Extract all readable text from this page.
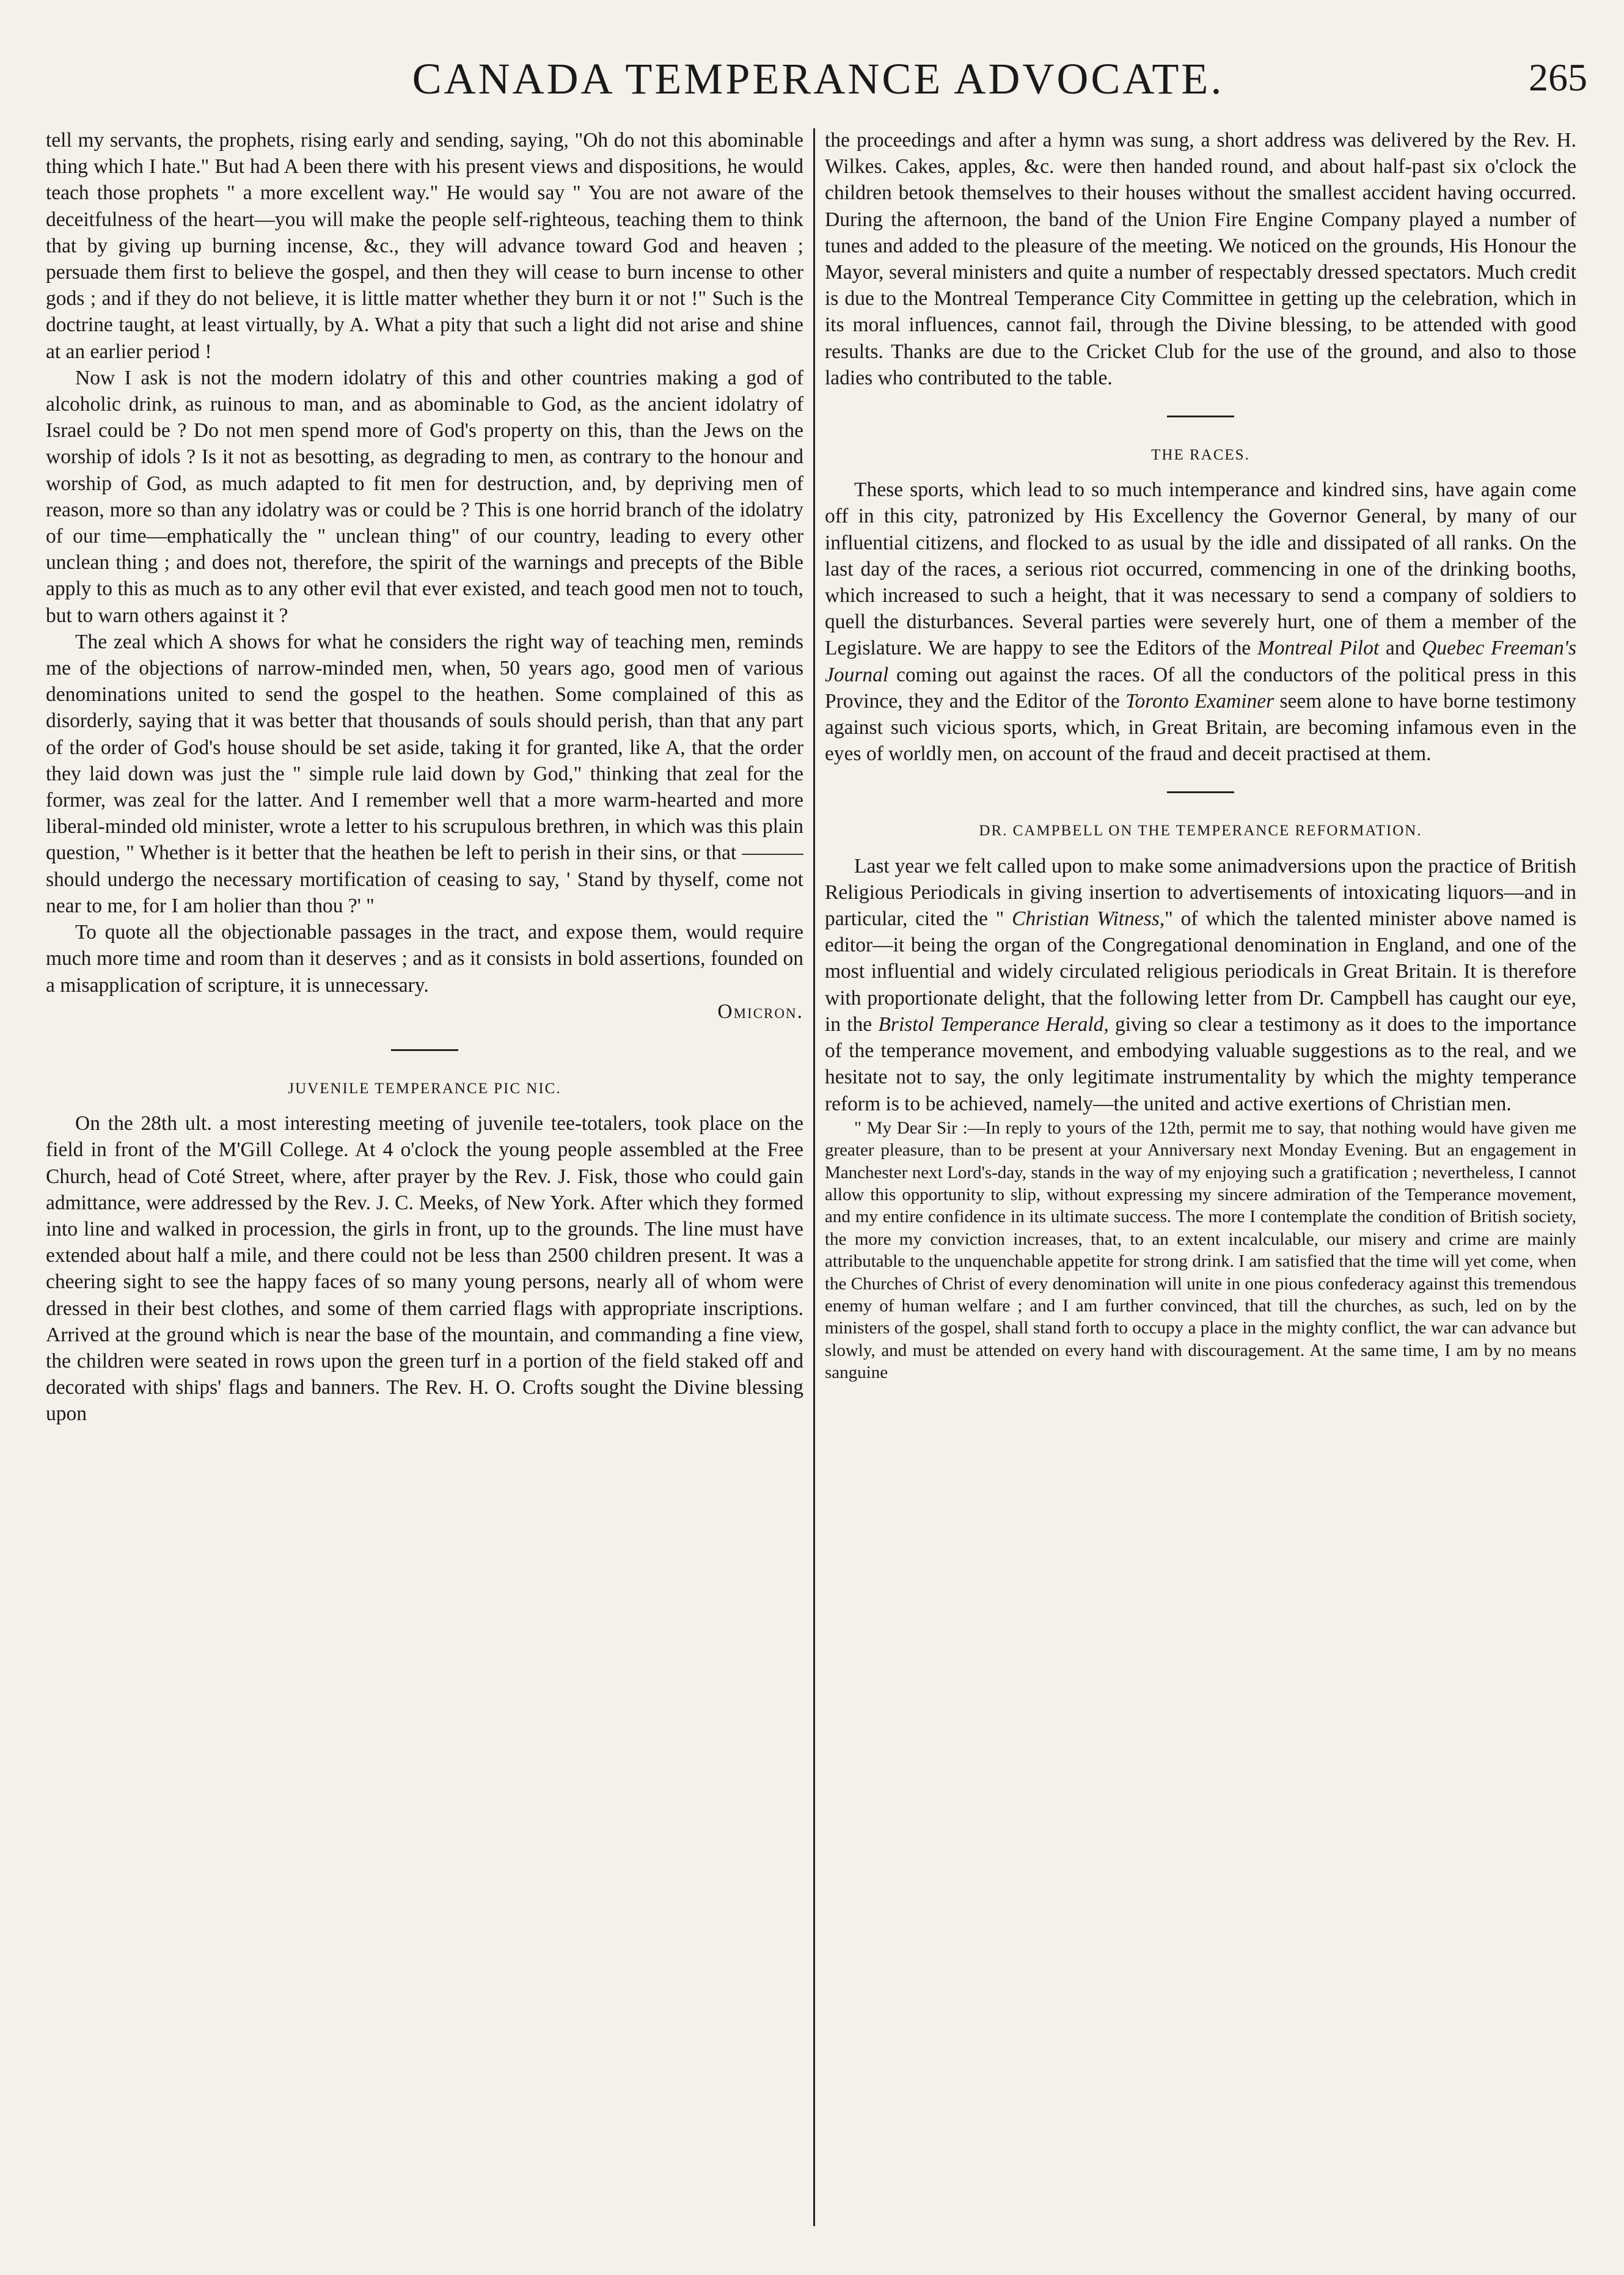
CANADA TEMPERANCE ADVOCATE.	265

tell my servants, the prophets, rising early and sending, saying, "Oh do not this abominable thing which I hate." But had A been there with his present views and dispositions, he would teach those prophets " a more excellent way." He would say " You are not aware of the deceitfulness of the heart—you will make the people self-righteous, teaching them to think that by giving up burning incense, &c., they will advance toward God and heaven ; persuade them first to believe the gospel, and then they will cease to burn incense to other gods ; and if they do not believe, it is little matter whether they burn it or not !" Such is the doctrine taught, at least virtually, by A. What a pity that such a light did not arise and shine at an earlier period !

Now I ask is not the modern idolatry of this and other countries making a god of alcoholic drink, as ruinous to man, and as abominable to God, as the ancient idolatry of Israel could be ? Do not men spend more of God's property on this, than the Jews on the worship of idols ? Is it not as besotting, as degrading to men, as contrary to the honour and worship of God, as much adapted to fit men for destruction, and, by depriving men of reason, more so than any idolatry was or could be ? This is one horrid branch of the idolatry of our time—emphatically the " unclean thing" of our country, leading to every other unclean thing ; and does not, therefore, the spirit of the warnings and precepts of the Bible apply to this as much as to any other evil that ever existed, and teach good men not to touch, but to warn others against it ?

The zeal which A shows for what he considers the right way of teaching men, reminds me of the objections of narrow-minded men, when, 50 years ago, good men of various denominations united to send the gospel to the heathen. Some complained of this as disorderly, saying that it was better that thousands of souls should perish, than that any part of the order of God's house should be set aside, taking it for granted, like A, that the order they laid down was just the " simple rule laid down by God," thinking that zeal for the former, was zeal for the latter. And I remember well that a more warm-hearted and more liberal-minded old minister, wrote a letter to his scrupulous brethren, in which was this plain question, " Whether is it better that the heathen be left to perish in their sins, or that ——— should undergo the necessary mortification of ceasing to say, ' Stand by thyself, come not near to me, for I am holier than thou ?' "

To quote all the objectionable passages in the tract, and expose them, would require much more time and room than it deserves ; and as it consists in bold assertions, founded on a misapplication of scripture, it is unnecessary.

Omicron.
JUVENILE TEMPERANCE PIC NIC.

On the 28th ult. a most interesting meeting of juvenile tee-totalers, took place on the field in front of the M'Gill College. At 4 o'clock the young people assembled at the Free Church, head of Coté Street, where, after prayer by the Rev. J. Fisk, those who could gain admittance, were addressed by the Rev. J. C. Meeks, of New York. After which they formed into line and walked in procession, the girls in front, up to the grounds. The line must have extended about half a mile, and there could not be less than 2500 children present. It was a cheering sight to see the happy faces of so many young persons, nearly all of whom were dressed in their best clothes, and some of them carried flags with appropriate inscriptions. Arrived at the ground which is near the base of the mountain, and commanding a fine view, the children were seated in rows upon the green turf in a portion of the field staked off and decorated with ships' flags and banners. The Rev. H. O. Crofts sought the Divine blessing upon

the proceedings and after a hymn was sung, a short address was delivered by the Rev. H. Wilkes. Cakes, apples, &c. were then handed round, and about half-past six o'clock the children betook themselves to their houses without the smallest accident having occurred. During the afternoon, the band of the Union Fire Engine Company played a number of tunes and added to the pleasure of the meeting. We noticed on the grounds, His Honour the Mayor, several ministers and quite a number of respectably dressed spectators. Much credit is due to the Montreal Temperance City Committee in getting up the celebration, which in its moral influences, cannot fail, through the Divine blessing, to be attended with good results. Thanks are due to the Cricket Club for the use of the ground, and also to those ladies who contributed to the table.

THE RACES.

These sports, which lead to so much intemperance and kindred sins, have again come off in this city, patronized by His Excellency the Governor General, by many of our influential citizens, and flocked to as usual by the idle and dissipated of all ranks. On the last day of the races, a serious riot occurred, commencing in one of the drinking booths, which increased to such a height, that it was necessary to send a company of soldiers to quell the disturbances. Several parties were severely hurt, one of them a member of the Legislature. We are happy to see the Editors of the Montreal Pilot and Quebec Freeman's Journal coming out against the races. Of all the conductors of the political press in this Province, they and the Editor of the Toronto Examiner seem alone to have borne testimony against such vicious sports, which, in Great Britain, are becoming infamous even in the eyes of worldly men, on account of the fraud and deceit practised at them.

DR. CAMPBELL ON THE TEMPERANCE REFORMATION.

Last year we felt called upon to make some animadversions upon the practice of British Religious Periodicals in giving insertion to advertisements of intoxicating liquors—and in particular, cited the " Christian Witness," of which the talented minister above named is editor—it being the organ of the Congregational denomination in England, and one of the most influential and widely circulated religious periodicals in Great Britain. It is therefore with proportionate delight, that the following letter from Dr. Campbell has caught our eye, in the Bristol Temperance Herald, giving so clear a testimony as it does to the importance of the temperance movement, and embodying valuable suggestions as to the real, and we hesitate not to say, the only legitimate instrumentality by which the mighty temperance reform is to be achieved, namely—the united and active exertions of Christian men.

" My Dear Sir :—In reply to yours of the 12th, permit me to say, that nothing would have given me greater pleasure, than to be present at your Anniversary next Monday Evening. But an engagement in Manchester next Lord's-day, stands in the way of my enjoying such a gratification ; nevertheless, I cannot allow this opportunity to slip, without expressing my sincere admiration of the Temperance movement, and my entire confidence in its ultimate success. The more I contemplate the condition of British society, the more my conviction increases, that, to an extent incalculable, our misery and crime are mainly attributable to the unquenchable appetite for strong drink. I am satisfied that the time will yet come, when the Churches of Christ of every denomination will unite in one pious confederacy against this tremendous enemy of human welfare ; and I am further convinced, that till the churches, as such, led on by the ministers of the gospel, shall stand forth to occupy a place in the mighty conflict, the war can advance but slowly, and must be attended on every hand with discouragement. At the same time, I am by no means sanguine
